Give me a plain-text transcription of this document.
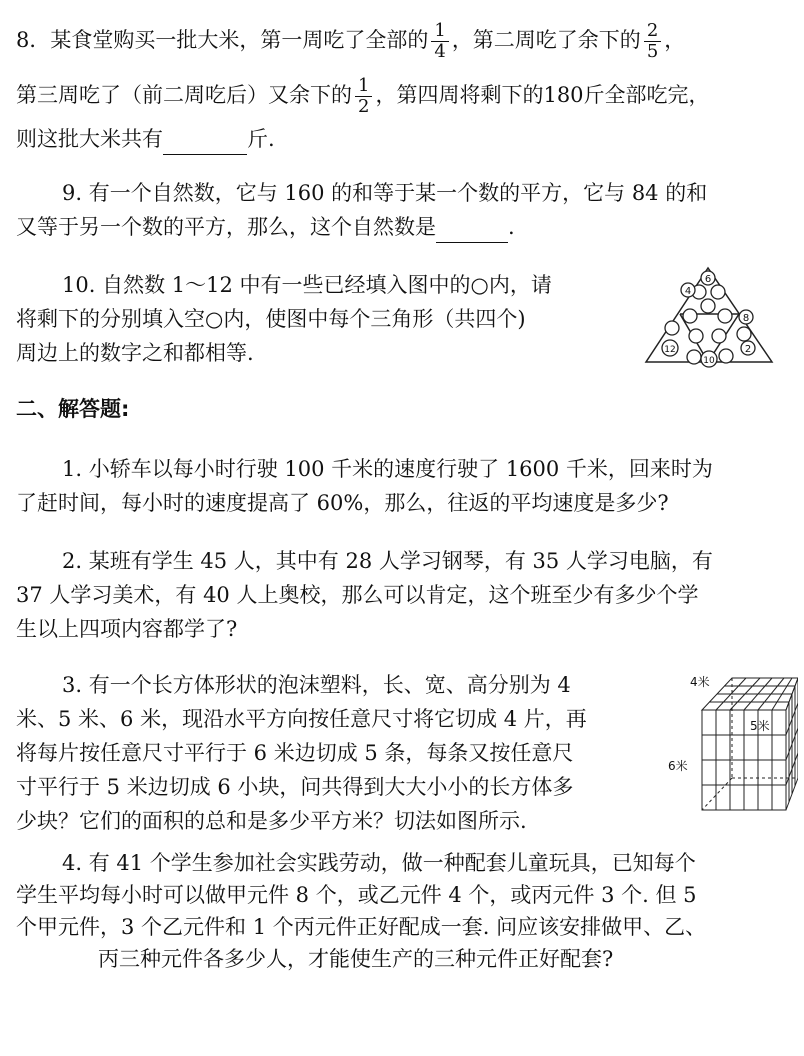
8．某食堂购买一批大米，第一周吃了全部的 $\frac{1}{4}$ ，第二周吃了余下的 $\frac{2}{5}$ ，
第三周吃了（前二周吃后）又余下的 $\frac{1}{2}$ ，第四周将剩下的180斤全部吃完，
则这批大米共有	斤.
9. 有一个自然数，它与 160 的和等于某一个数的平方，它与 84 的和
又等于另一个数的平方，那么，这个自然数是	.
10. 自然数 1～12 中有一些已经填入图中的○内，请
将剩下的分别填入空○内，使图中每个三角形（共四个)
周边上的数字之和都相等.
6
4
8
12
10
2
二、解答题:
1. 小轿车以每小时行驶 100 千米的速度行驶了 1600 千米，回来时为
了赶时间，每小时的速度提高了 60%，那么，往返的平均速度是多少?
2. 某班有学生 45 人，其中有 28 人学习钢琴，有 35 人学习电脑，有
37 人学习美术，有 40 人上奥校，那么可以肯定，这个班至少有多少个学
生以上四项内容都学了?
3. 有一个长方体形状的泡沫塑料，长、宽、高分别为 4
米、5 米、6 米，现沿水平方向按任意尺寸将它切成 4 片，再
将每片按任意尺寸平行于 6 米边切成 5 条，每条又按任意尺
寸平行于 5 米边切成 6 小块，问共得到大大小小的长方体多
少块？它们的面积的总和是多少平方米？切法如图所示.
4米
5米
6米
4. 有 41 个学生参加社会实践劳动，做一种配套儿童玩具，已知每个
学生平均每小时可以做甲元件 8 个，或乙元件 4 个，或丙元件 3 个. 但 5
个甲元件，3 个乙元件和 1 个丙元件正好配成一套. 问应该安排做甲、乙、
丙三种元件各多少人，才能使生产的三种元件正好配套?
